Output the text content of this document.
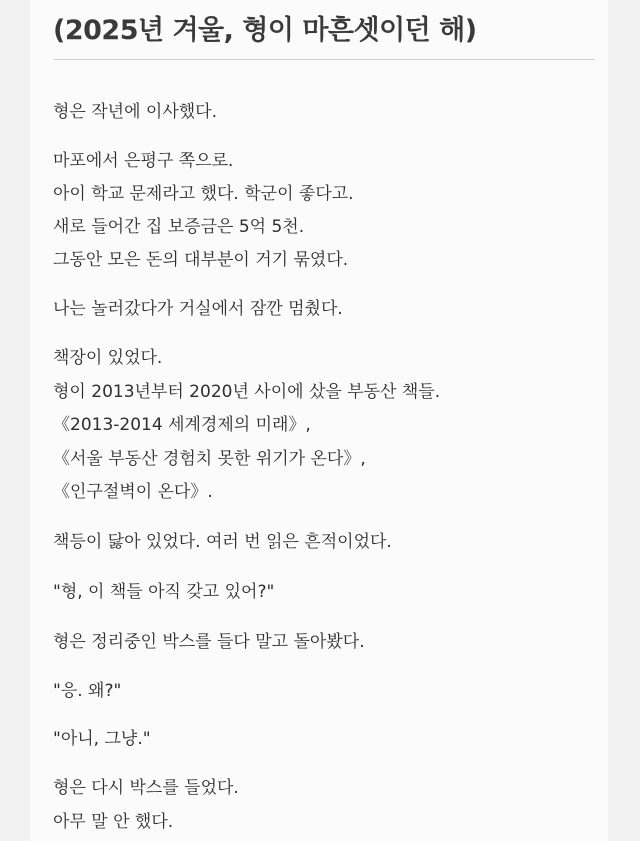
(2025년 겨울, 형이 마흔셋이던 해)
형은 작년에 이사했다.
마포에서 은평구 쪽으로.
아이 학교 문제라고 했다. 학군이 좋다고.
새로 들어간 집 보증금은 5억 5천.
그동안 모은 돈의 대부분이 거기 묶였다.
나는 놀러갔다가 거실에서 잠깐 멈췄다.
책장이 있었다.
형이 2013년부터 2020년 사이에 샀을 부동산 책들.
《2013-2014 세계경제의 미래》,
《서울 부동산 경험치 못한 위기가 온다》,
《인구절벽이 온다》.
책등이 닳아 있었다. 여러 번 읽은 흔적이었다.
"형, 이 책들 아직 갖고 있어?"
형은 정리중인 박스를 들다 말고 돌아봤다.
"응. 왜?"
"아니, 그냥."
형은 다시 박스를 들었다.
아무 말 안 했다.
